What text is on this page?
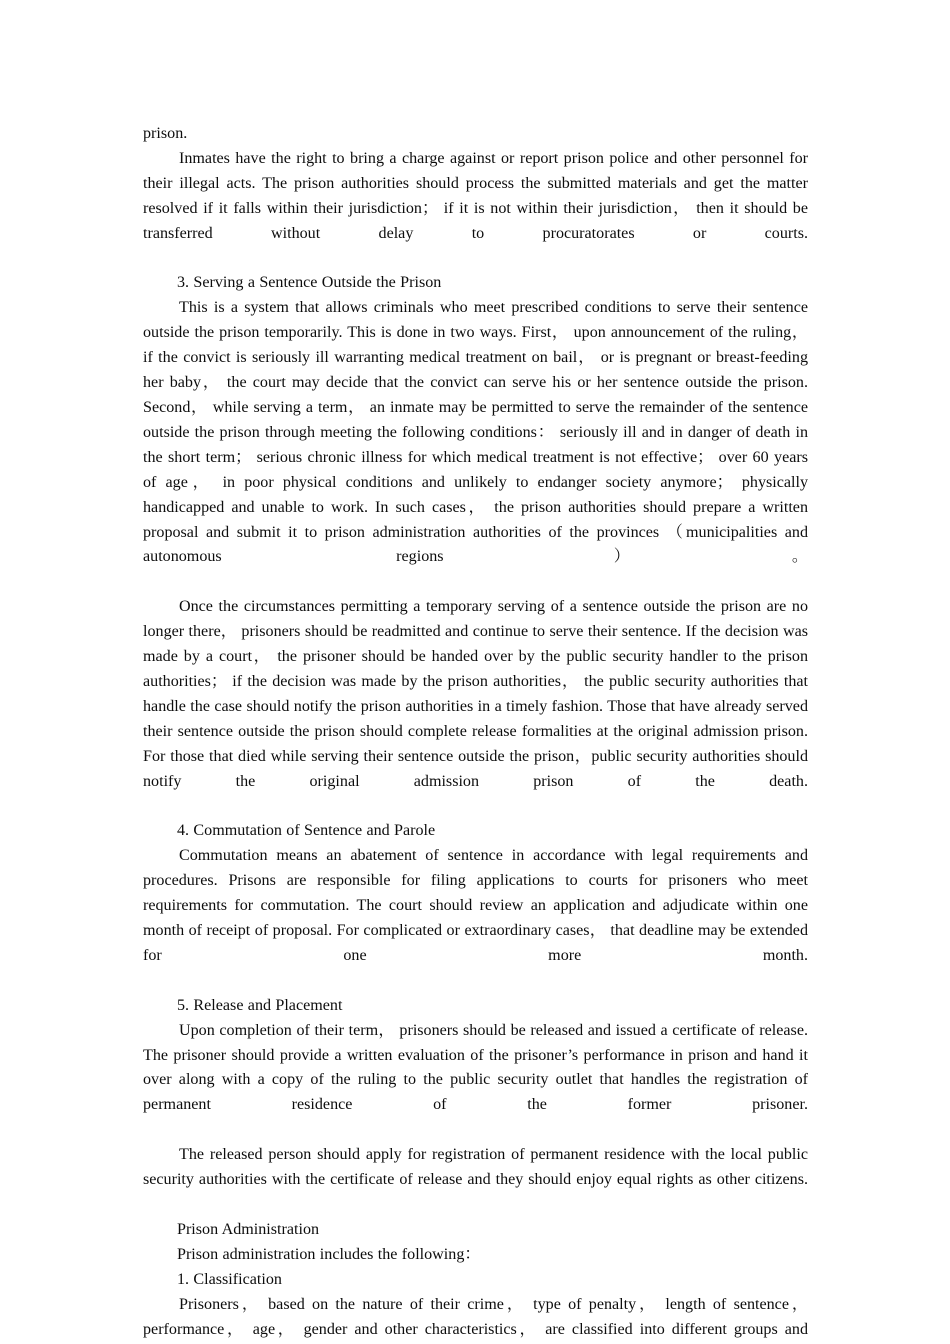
prison.

Inmates have the right to bring a charge against or report prison police and other personnel for their illegal acts. The prison authorities should process the submitted materials and get the matter resolved if it falls within their jurisdiction； if it is not within their jurisdiction， then it should be transferred without delay to procuratorates or courts.

3. Serving a Sentence Outside the Prison

This is a system that allows criminals who meet prescribed conditions to serve their sentence outside the prison temporarily. This is done in two ways. First， upon announcement of the ruling， if the convict is seriously ill warranting medical treatment on bail， or is pregnant or breast-feeding her baby， the court may decide that the convict can serve his or her sentence outside the prison. Second， while serving a term， an inmate may be permitted to serve the remainder of the sentence outside the prison through meeting the following conditions： seriously ill and in danger of death in the short term； serious chronic illness for which medical treatment is not effective； over 60 years of age， in poor physical conditions and unlikely to endanger society anymore； physically handicapped and unable to work. In such cases， the prison authorities should prepare a written proposal and submit it to prison administration authorities of the provinces （municipalities and autonomous regions）。

Once the circumstances permitting a temporary serving of a sentence outside the prison are no longer there， prisoners should be readmitted and continue to serve their sentence. If the decision was made by a court， the prisoner should be handed over by the public security handler to the prison authorities； if the decision was made by the prison authorities， the public security authorities that handle the case should notify the prison authorities in a timely fashion. Those that have already served their sentence outside the prison should complete release formalities at the original admission prison. For those that died while serving their sentence outside the prison，public security authorities should notify the original admission prison of the death.

4. Commutation of Sentence and Parole

Commutation means an abatement of sentence in accordance with legal requirements and procedures. Prisons are responsible for filing applications to courts for prisoners who meet requirements for commutation. The court should review an application and adjudicate within one month of receipt of proposal. For complicated or extraordinary cases， that deadline may be extended for one more month.

5. Release and Placement

Upon completion of their term， prisoners should be released and issued a certificate of release. The prisoner should provide a written evaluation of the prisoner’s performance in prison and hand it over along with a copy of the ruling to the public security outlet that handles the registration of permanent residence of the former prisoner.

The released person should apply for registration of permanent residence with the local public security authorities with the certificate of release and they should enjoy equal rights as other citizens.

Prison Administration

Prison administration includes the following：

1. Classification

Prisoners， based on the nature of their crime， type of penalty， length of sentence，performance， age， gender and other characteristics， are classified into different groups and
